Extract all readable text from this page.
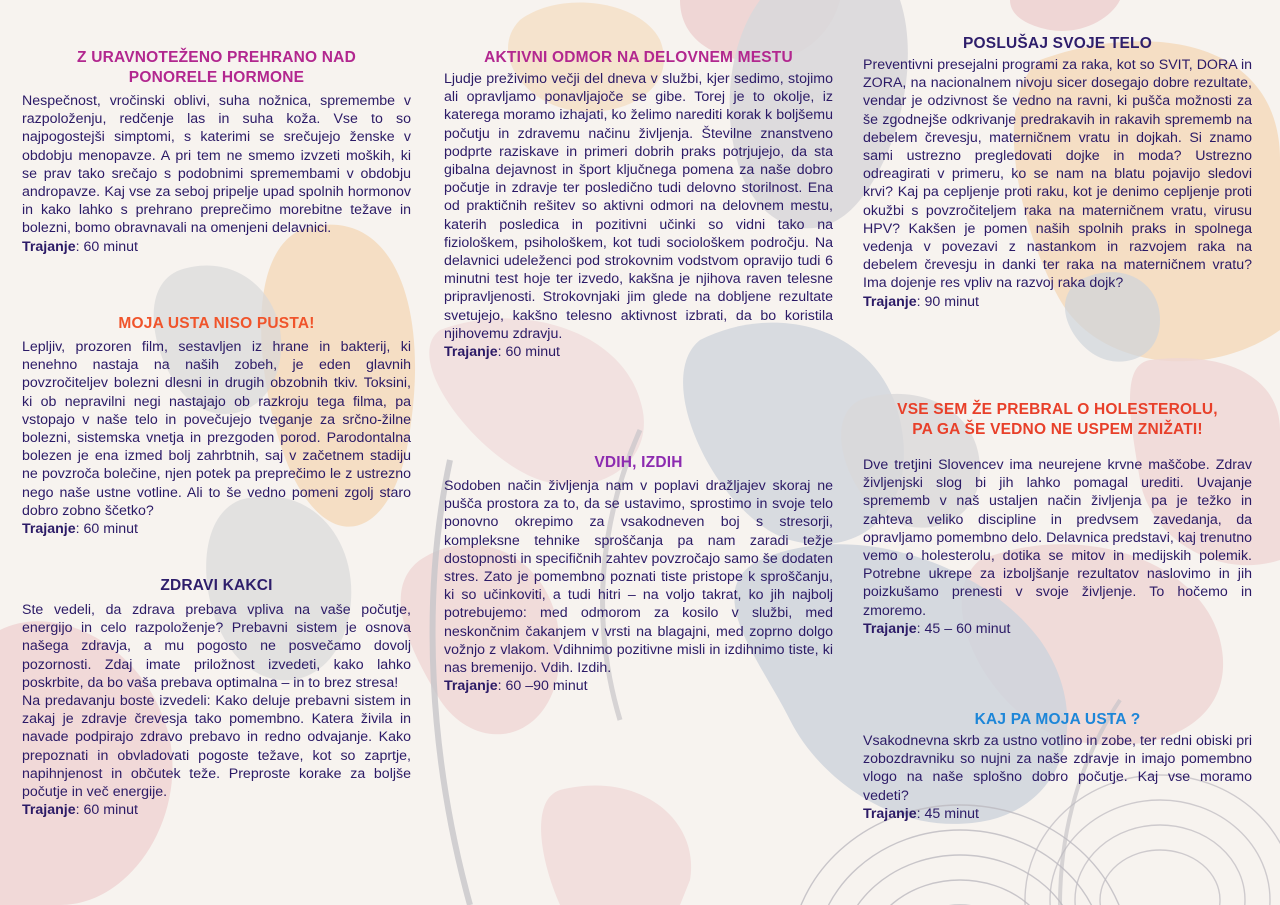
Z URAVNOTEŽENO PREHRANO NAD
PONORELE HORMONE

Nespečnost, vročinski oblivi, suha nožnica, spremembe v razpoloženju, redčenje las in suha koža. Vse to so najpogostejši simptomi, s katerimi se srečujejo ženske v obdobju menopavze. A pri tem ne smemo izvzeti moških, ki se prav tako srečajo s podobnimi spremembami v obdobju andropavze. Kaj vse za seboj pripelje upad spolnih hormonov in kako lahko s prehrano preprečimo morebitne težave in bolezni, bomo obravnavali na omenjeni delavnici.

Trajanje: 60 minut
MOJA USTA NISO PUSTA!

Lepljiv, prozoren film, sestavljen iz hrane in bakterij, ki nenehno nastaja na naših zobeh, je eden glavnih povzročiteljev bolezni dlesni in drugih obzobnih tkiv. Toksini, ki ob nepravilni negi nastajajo ob razkroju tega filma, pa vstopajo v naše telo in povečujejo tveganje za srčno-žilne bolezni, sistemska vnetja in prezgoden porod. Parodontalna bolezen je ena izmed bolj zahrbtnih, saj v začetnem stadiju ne povzroča bolečine, njen potek pa preprečimo le z ustrezno nego naše ustne votline. Ali to še vedno pomeni zgolj staro dobro zobno ščetko?

Trajanje: 60 minut
ZDRAVI KAKCI

Ste vedeli, da zdrava prebava vpliva na vaše počutje, energijo in celo razpoloženje? Prebavni sistem je osnova našega zdravja, a mu pogosto ne posvečamo dovolj pozornosti. Zdaj imate priložnost izvedeti, kako lahko poskrbite, da bo vaša prebava optimalna – in to brez stresa!

Na predavanju boste izvedeli: Kako deluje prebavni sistem in zakaj je zdravje črevesja tako pomembno. Katera živila in navade podpirajo zdravo prebavo in redno odvajanje. Kako prepoznati in obvladovati pogoste težave, kot so zaprtje, napihnjenost in občutek teže. Preproste korake za boljše počutje in več energije.

Trajanje: 60 minut
AKTIVNI ODMOR NA DELOVNEM MESTU

Ljudje preživimo večji del dneva v službi, kjer sedimo, stojimo ali opravljamo ponavljajoče se gibe. Torej je to okolje, iz katerega moramo izhajati, ko želimo narediti korak k boljšemu počutju in zdravemu načinu življenja. Številne znanstveno podprte raziskave in primeri dobrih praks potrjujejo, da sta gibalna dejavnost in šport ključnega pomena za naše dobro počutje in zdravje ter posledično tudi delovno storilnost. Ena od praktičnih rešitev so aktivni odmori na delovnem mestu, katerih posledica in pozitivni učinki so vidni tako na fiziološkem, psihološkem, kot tudi sociološkem področju. Na delavnici udeleženci pod strokovnim vodstvom opravijo tudi 6 minutni test hoje ter izvedo, kakšna je njihova raven telesne pripravljenosti. Strokovnjaki jim glede na dobljene rezultate svetujejo, kakšno telesno aktivnost izbrati, da bo koristila njihovemu zdravju.

Trajanje: 60 minut
VDIH, IZDIH

Sodoben način življenja nam v poplavi dražljajev skoraj ne pušča prostora za to, da se ustavimo, sprostimo in svoje telo ponovno okrepimo za vsakodneven boj s stresorji, kompleksne tehnike sproščanja pa nam zaradi težje dostopnosti in specifičnih zahtev povzročajo samo še dodaten stres. Zato je pomembno poznati tiste pristope k sproščanju, ki so učinkoviti, a tudi hitri – na voljo takrat, ko jih najbolj potrebujemo: med odmorom za kosilo v službi, med neskončnim čakanjem v vrsti na blagajni, med zoprno dolgo vožnjo z vlakom. Vdihnimo pozitivne misli in izdihnimo tiste, ki nas bremenijo. Vdih. Izdih.

Trajanje: 60 –90 minut
POSLUŠAJ SVOJE TELO

Preventivni presejalni programi za raka, kot so SVIT, DORA in ZORA, na nacionalnem nivoju sicer dosegajo dobre rezultate, vendar je odzivnost še vedno na ravni, ki pušča možnosti za še zgodnejše odkrivanje predrakavih in rakavih sprememb na debelem črevesju, materničnem vratu in dojkah. Si znamo sami ustrezno pregledovati dojke in moda? Ustrezno odreagirati v primeru, ko se nam na blatu pojavijo sledovi krvi? Kaj pa cepljenje proti raku, kot je denimo cepljenje proti okužbi s povzročiteljem raka na materničnem vratu, virusu HPV? Kakšen je pomen naših spolnih praks in spolnega vedenja v povezavi z nastankom in razvojem raka na debelem črevesju in danki ter raka na materničnem vratu? Ima dojenje res vpliv na razvoj raka dojk?

Trajanje: 90 minut
VSE SEM ŽE PREBRAL O HOLESTEROLU,
PA GA ŠE VEDNO NE USPEM ZNIŽATI!

Dve tretjini Slovencev ima neurejene krvne maščobe. Zdrav življenjski slog bi jih lahko pomagal urediti. Uvajanje sprememb v naš ustaljen način življenja pa je težko in zahteva veliko discipline in predvsem zavedanja, da opravljamo pomembno delo. Delavnica predstavi, kaj trenutno vemo o holesterolu, dotika se mitov in medijskih polemik. Potrebne ukrepe za izboljšanje rezultatov naslovimo in jih poizkušamo prenesti v svoje življenje. To hočemo in zmoremo.

Trajanje: 45 – 60 minut
KAJ PA MOJA USTA ?

Vsakodnevna skrb za ustno votlino in zobe, ter redni obiski pri zobozdravniku so nujni za naše zdravje in imajo pomembno vlogo na naše splošno dobro počutje. Kaj vse moramo vedeti?

Trajanje: 45 minut
